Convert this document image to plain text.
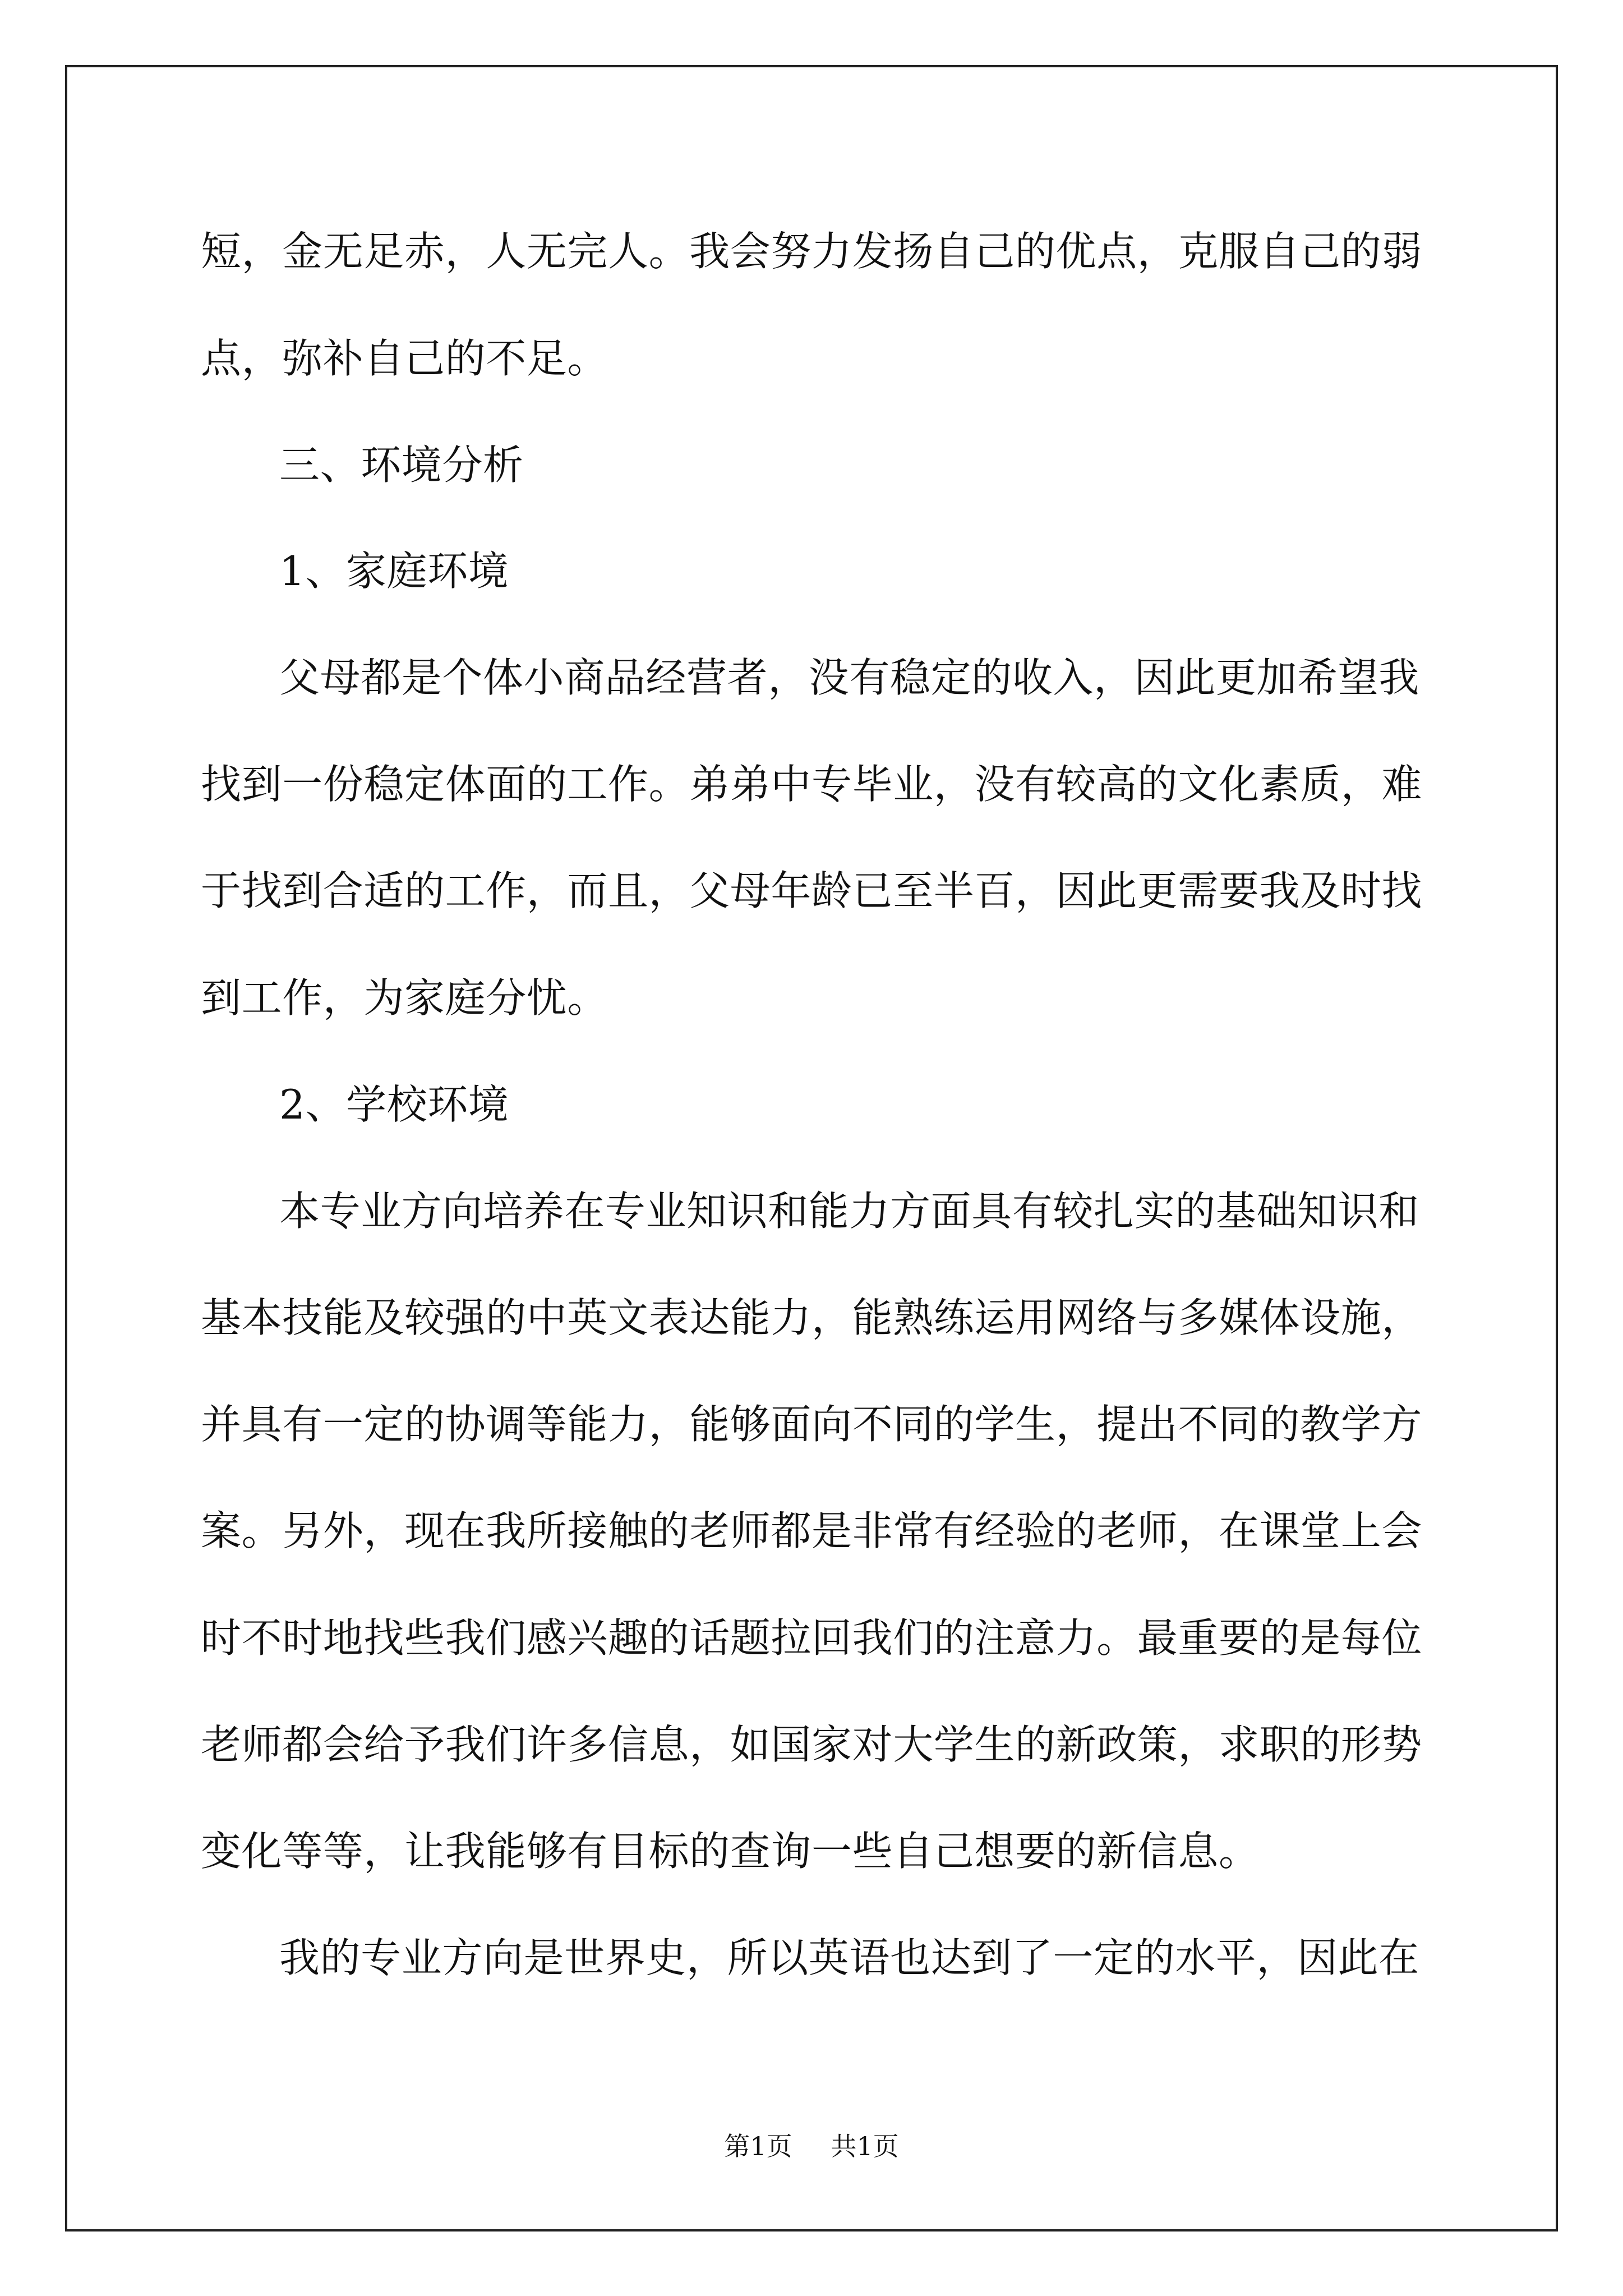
短，金无足赤，人无完人。我会努力发扬自己的优点，克服自己的弱
点，弥补自己的不足。
三、环境分析
1、家庭环境
父母都是个体小商品经营者，没有稳定的收入，因此更加希望我
找到一份稳定体面的工作。弟弟中专毕业，没有较高的文化素质，难
于找到合适的工作，而且，父母年龄已至半百，因此更需要我及时找
到工作，为家庭分忧。
2、学校环境
本专业方向培养在专业知识和能力方面具有较扎实的基础知识和
基本技能及较强的中英文表达能力，能熟练运用网络与多媒体设施，
并具有一定的协调等能力，能够面向不同的学生，提出不同的教学方
案。另外，现在我所接触的老师都是非常有经验的老师，在课堂上会
时不时地找些我们感兴趣的话题拉回我们的注意力。最重要的是每位
老师都会给予我们许多信息，如国家对大学生的新政策，求职的形势
变化等等，让我能够有目标的查询一些自己想要的新信息。
我的专业方向是世界史，所以英语也达到了一定的水平，因此在
第1页 共1页
